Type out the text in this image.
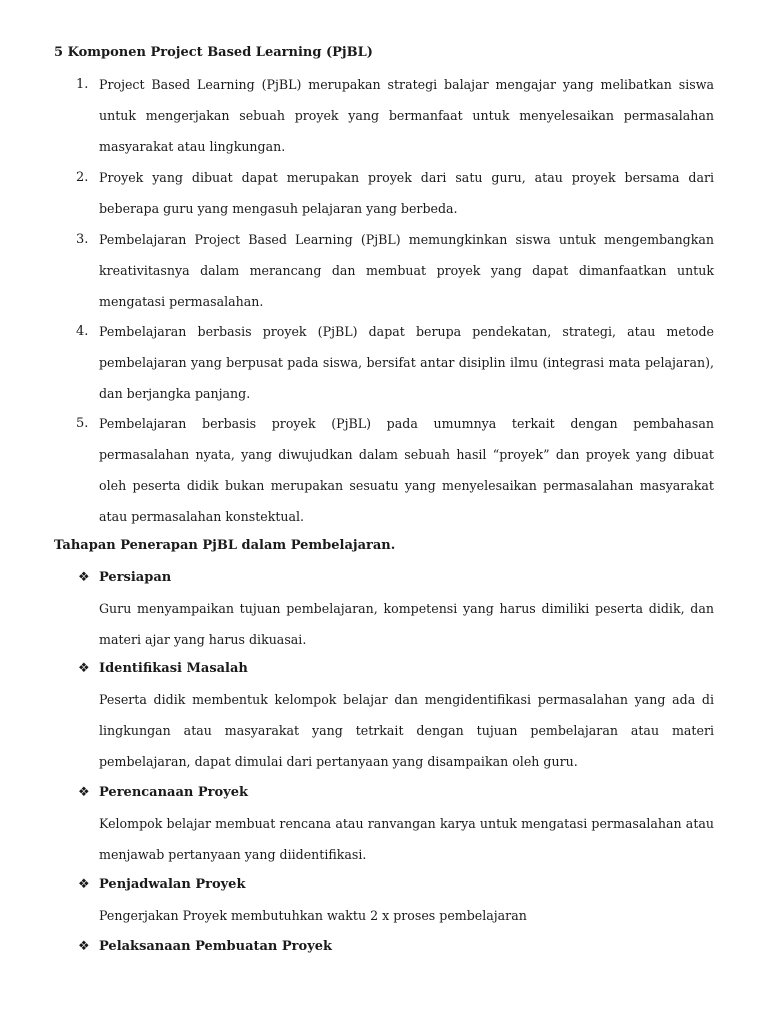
5 Komponen Project Based Learning (PjBL)
1. Project Based Learning (PjBL) merupakan strategi balajar mengajar yang melibatkan siswa untuk mengerjakan sebuah proyek yang bermanfaat untuk menyelesaikan permasalahan masyarakat atau lingkungan.
2. Proyek yang dibuat dapat merupakan proyek dari satu guru, atau proyek bersama dari beberapa guru yang mengasuh pelajaran yang berbeda.
3. Pembelajaran Project Based Learning (PjBL) memungkinkan siswa untuk mengembangkan kreativitasnya dalam merancang dan membuat proyek yang dapat dimanfaatkan untuk mengatasi permasalahan.
4. Pembelajaran berbasis proyek (PjBL) dapat berupa pendekatan, strategi, atau metode pembelajaran yang berpusat pada siswa, bersifat antar disiplin ilmu (integrasi mata pelajaran), dan berjangka panjang.
5. Pembelajaran berbasis proyek (PjBL) pada umumnya terkait dengan pembahasan permasalahan nyata, yang diwujudkan dalam sebuah hasil “proyek” dan proyek yang dibuat oleh peserta didik bukan merupakan sesuatu yang menyelesaikan permasalahan masyarakat atau permasalahan konstektual.
Tahapan Penerapan PjBL dalam Pembelajaran.
❖ Persiapan
Guru menyampaikan tujuan pembelajaran, kompetensi yang harus dimiliki peserta didik, dan materi ajar yang harus dikuasai.
❖ Identifikasi Masalah
Peserta didik membentuk kelompok belajar dan mengidentifikasi permasalahan yang ada di lingkungan atau masyarakat yang tetrkait dengan tujuan pembelajaran atau materi pembelajaran, dapat dimulai dari pertanyaan yang disampaikan oleh guru.
❖ Perencanaan Proyek
Kelompok belajar membuat rencana atau ranvangan karya untuk mengatasi permasalahan atau menjawab pertanyaan yang diidentifikasi.
❖ Penjadwalan Proyek
Pengerjakan Proyek membutuhkan waktu 2 x proses pembelajaran
❖ Pelaksanaan Pembuatan Proyek
